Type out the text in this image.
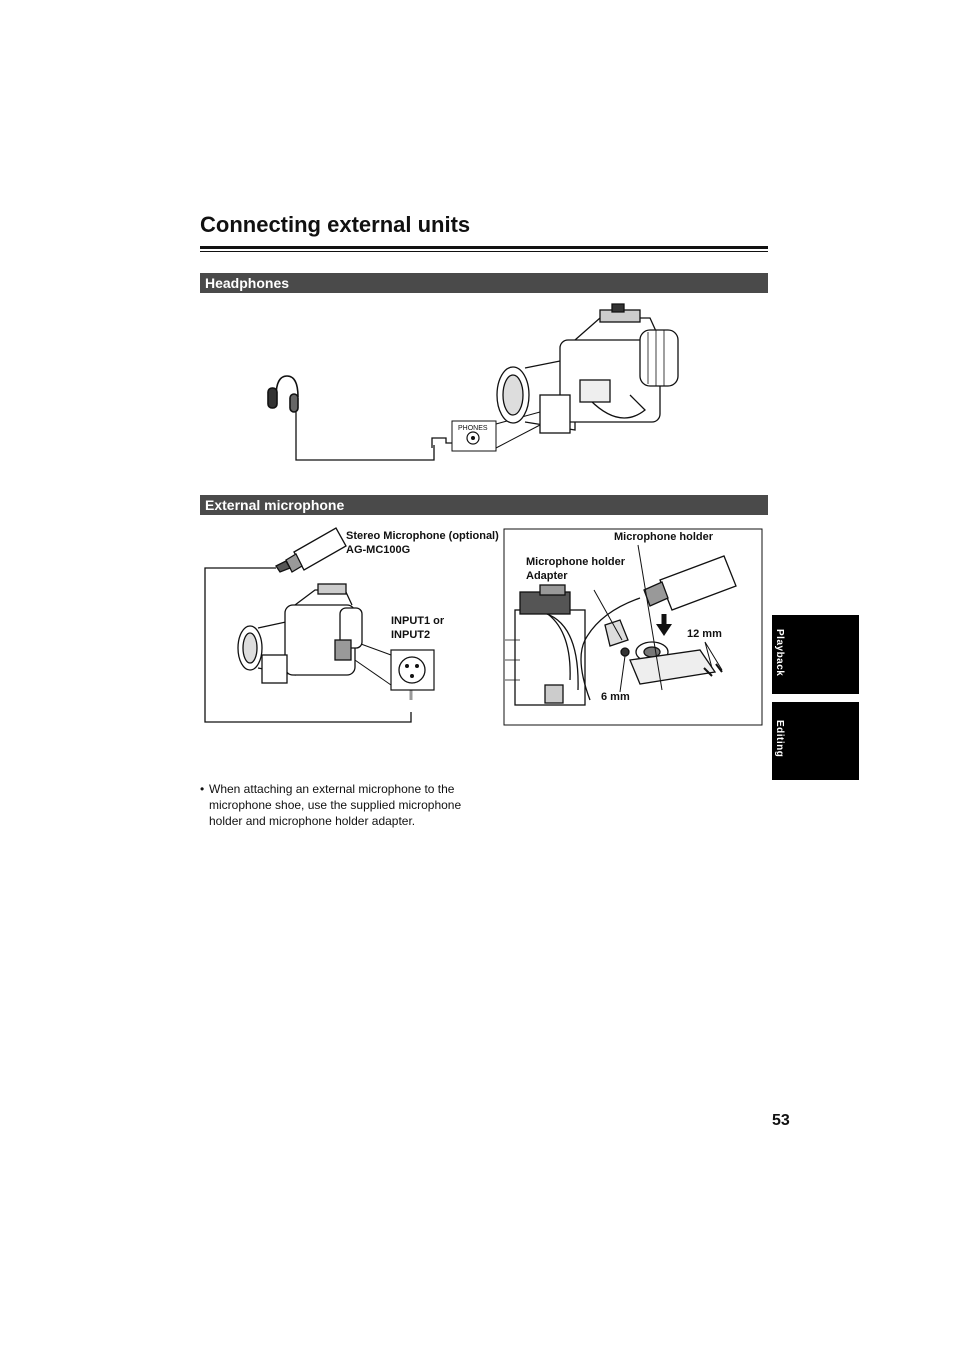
Connecting external units
Headphones
External microphone
PHONES
Stereo Microphone (optional)
AG-MC100G
INPUT1 or
INPUT2
Microphone holder
Microphone holder
Adapter
12 mm
6 mm
Playback
Editing
• When attaching an external microphone to the microphone shoe, use the supplied microphone holder and microphone holder adapter.
53
